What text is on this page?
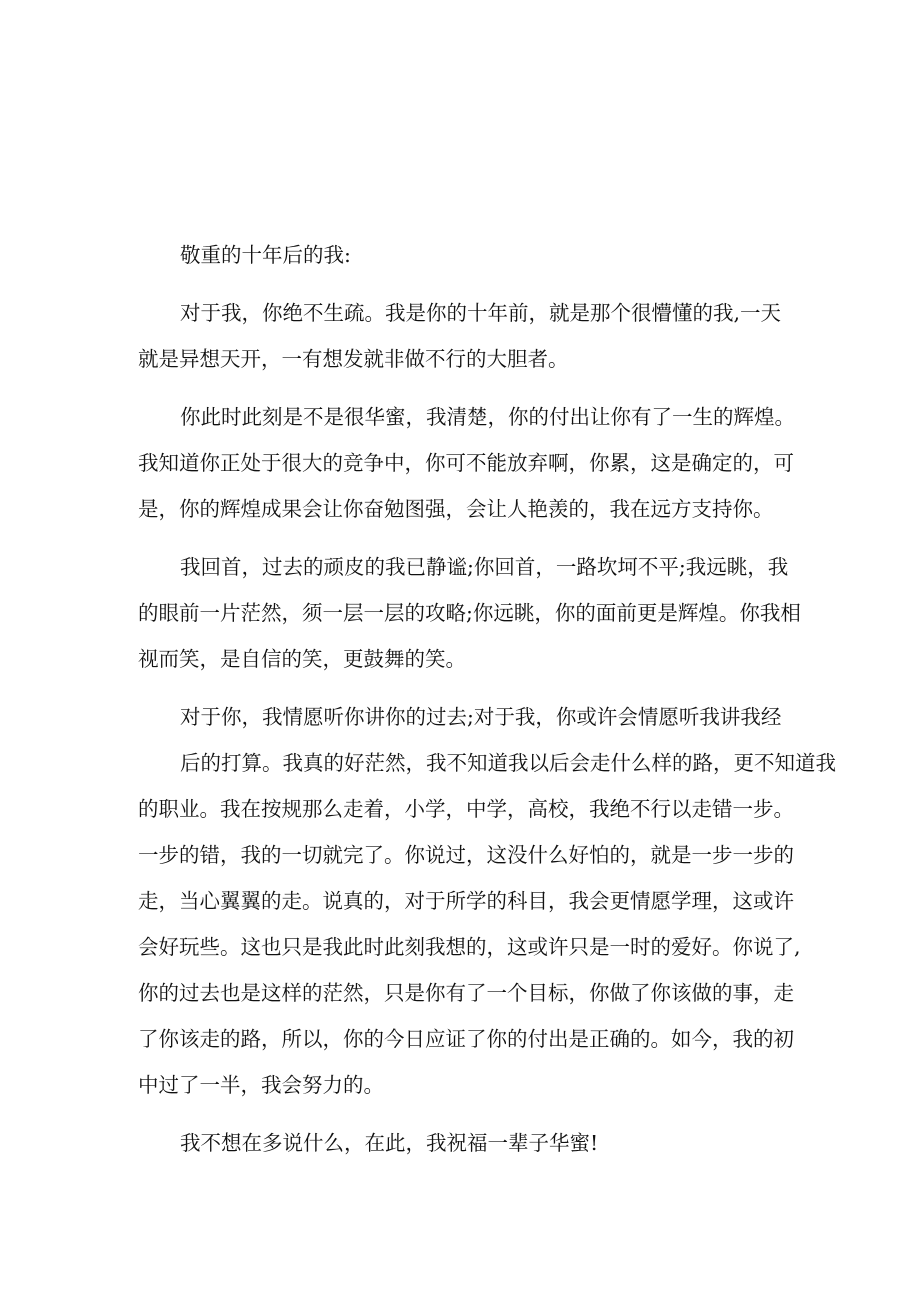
敬重的十年后的我:
对于我，你绝不生疏。我是你的十年前，就是那个很懵懂的我,一天
就是异想天开，一有想发就非做不行的大胆者。
你此时此刻是不是很华蜜，我清楚，你的付出让你有了一生的辉煌。
我知道你正处于很大的竞争中，你可不能放弃啊，你累，这是确定的，可
是，你的辉煌成果会让你奋勉图强，会让人艳羡的，我在远方支持你。
我回首，过去的顽皮的我已静谧;你回首，一路坎坷不平;我远眺，我
的眼前一片茫然，须一层一层的攻略;你远眺，你的面前更是辉煌。你我相
视而笑，是自信的笑，更鼓舞的笑。
对于你，我情愿听你讲你的过去;对于我，你或许会情愿听我讲我经
后的打算。我真的好茫然，我不知道我以后会走什么样的路，更不知道我
的职业。我在按规那么走着，小学，中学，高校，我绝不行以走错一步。
一步的错，我的一切就完了。你说过，这没什么好怕的，就是一步一步的
走，当心翼翼的走。说真的，对于所学的科目，我会更情愿学理，这或许
会好玩些。这也只是我此时此刻我想的，这或许只是一时的爱好。你说了,
你的过去也是这样的茫然，只是你有了一个目标，你做了你该做的事，走
了你该走的路，所以，你的今日应证了你的付出是正确的。如今，我的初
中过了一半，我会努力的。
我不想在多说什么，在此，我祝福一辈子华蜜!
